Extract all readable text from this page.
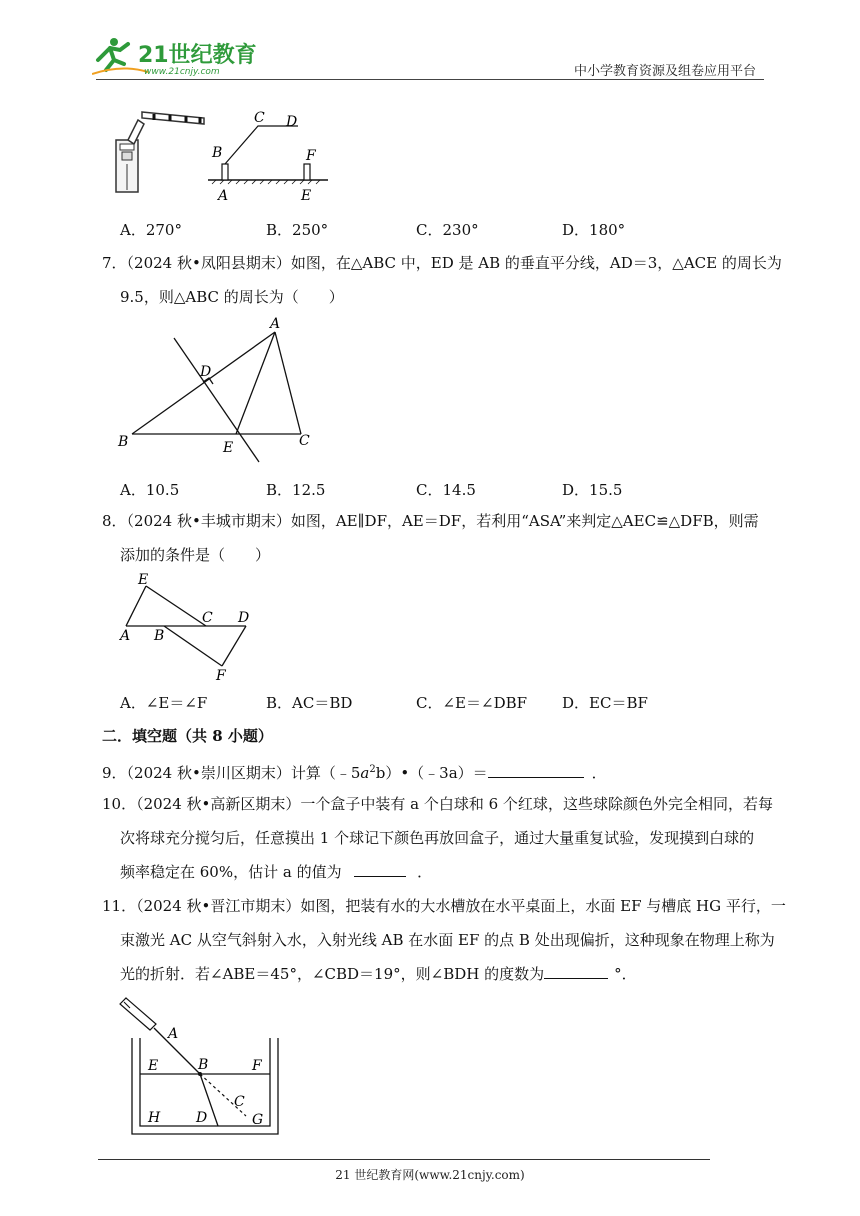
21世纪教育
www.21cnjy.com	中小学教育资源及组卷应用平台
C D
B	F
A	E
A．270°	B．250°	C．230°	D．180°
7．（2024 秋•凤阳县期末）如图，在△ABC 中，ED 是 AB 的垂直平分线，AD＝3，△ACE 的周长为
9.5，则△ABC 的周长为（　　）
A
D
B	E	C
A．10.5	B．12.5	C．14.5	D．15.5
8．（2024 秋•丰城市期末）如图，AE∥DF，AE＝DF，若利用“ASA”来判定△AEC≌△DFB，则需
添加的条件是（　　）
E
C D
A B
F
A．∠E＝∠F	B．AC＝BD	C．∠E＝∠DBF D．EC＝BF
二．填空题（共 8 小题）
9．（2024 秋•崇川区期末）计算$(﹣5a^2b)•(﹣3a)=$	．
10．（2024 秋•高新区期末）一个盒子中装有 a 个白球和 6 个红球，这些球除颜色外完全相同，若每
次将球充分搅匀后，任意摸出 1 个球记下颜色再放回盒子，通过大量重复试验，发现摸到白球的
频率稳定在 60%，估计 a 的值为	．
11．（2024 秋•晋江市期末）如图，把装有水的大水槽放在水平桌面上，水面 EF 与槽底 HG 平行，一
束激光 AC 从空气斜射入水，入射光线 AB 在水面 EF 的点 B 处出现偏折，这种现象在物理上称为
光的折射．若∠ABE＝45°，∠CBD＝19°，则∠BDH 的度数为	°．
A
E	B	F
C
H	D	G
21 世纪教育网(www.21cnjy.com)
